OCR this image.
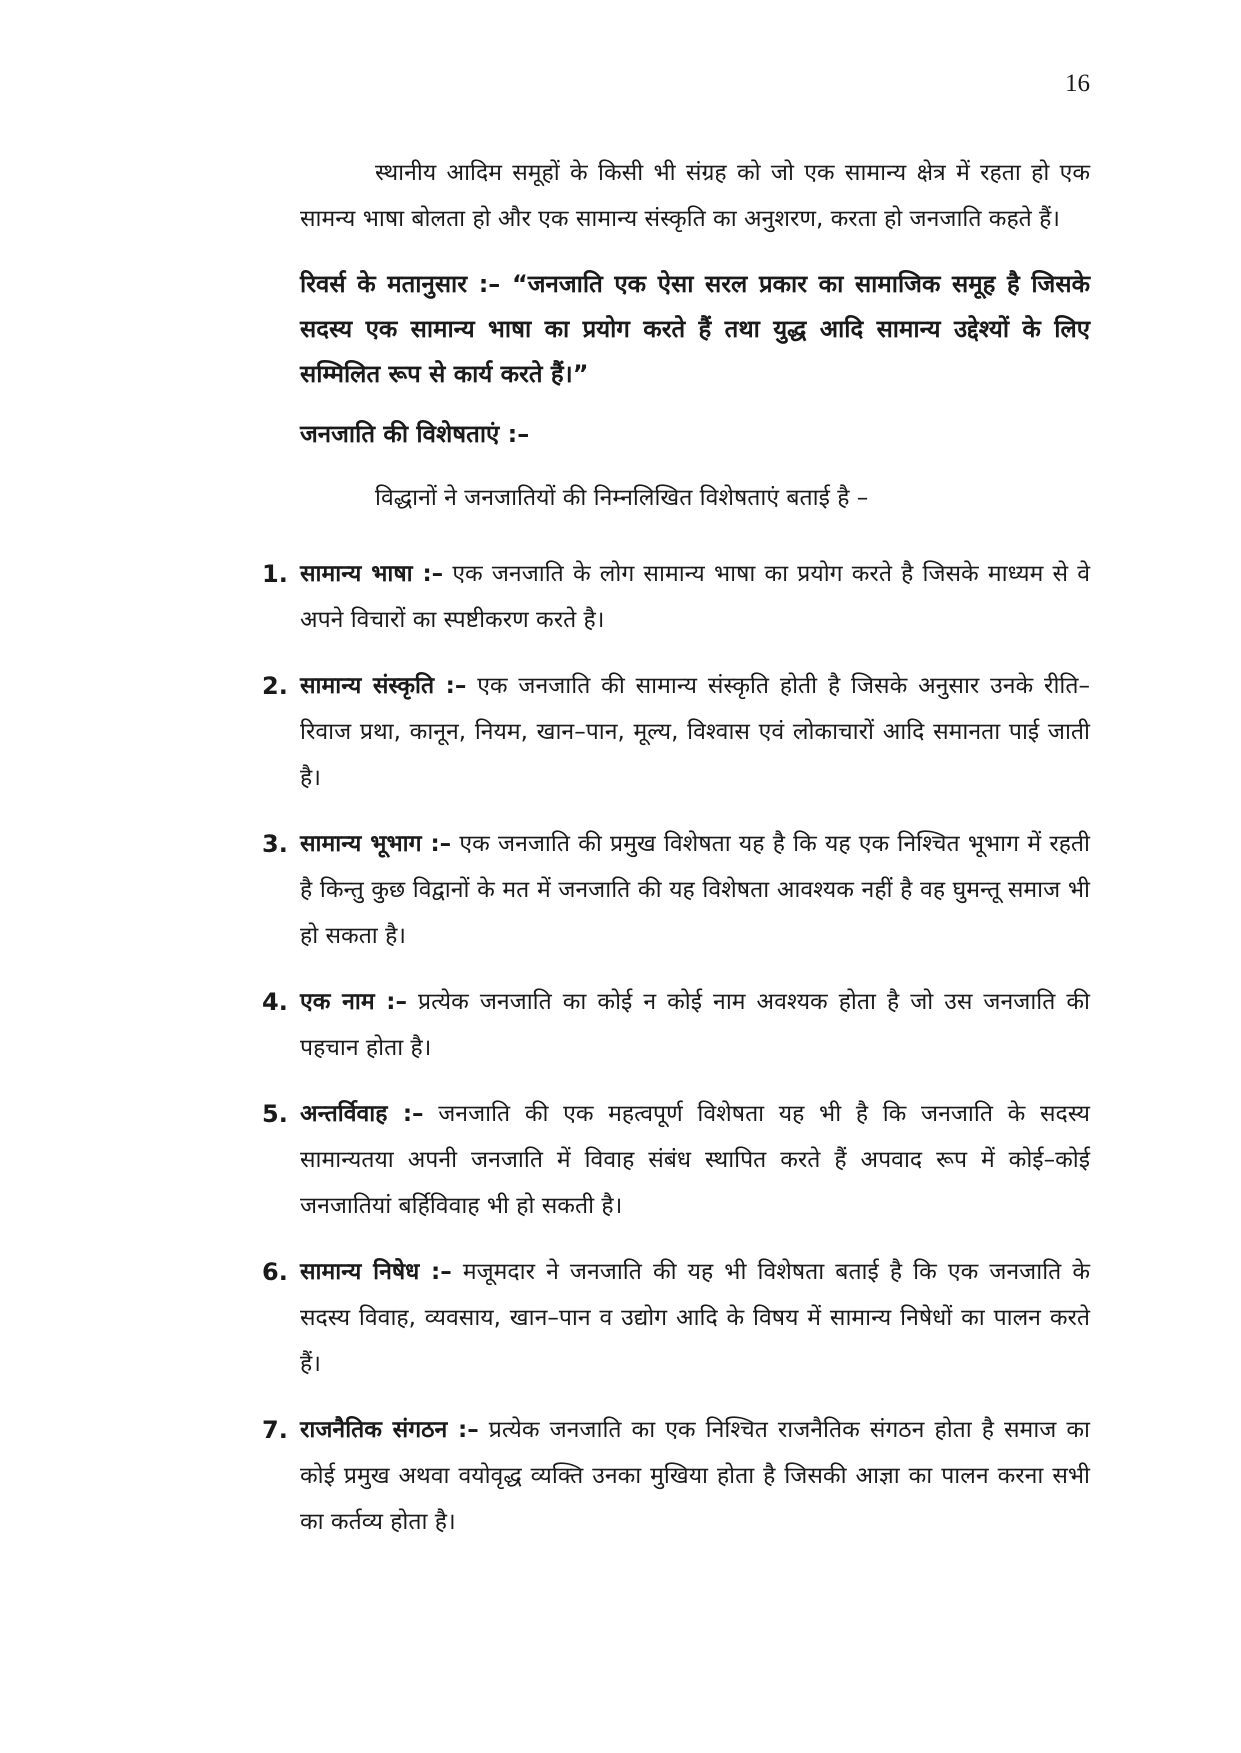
16

स्थानीय आदिम समूहों के किसी भी संग्रह को जो एक सामान्य क्षेत्र में रहता हो एक सामन्य भाषा बोलता हो और एक सामान्य संस्कृति का अनुशरण, करता हो जनजाति कहते हैं।

रिवर्स के मतानुसार :– “जनजाति एक ऐसा सरल प्रकार का सामाजिक समूह है जिसके सदस्य एक सामान्य भाषा का प्रयोग करते हैं तथा युद्ध आदि सामान्य उद्देश्यों के लिए सम्मिलित रूप से कार्य करते हैं।”

जनजाति की विशेषताएं :–

विद्धानों ने जनजातियों की निम्नलिखित विशेषताएं बताई है –

1. सामान्य भाषा :– एक जनजाति के लोग सामान्य भाषा का प्रयोग करते है जिसके माध्यम से वे अपने विचारों का स्पष्टीकरण करते है।
2. सामान्य संस्कृति :– एक जनजाति की सामान्य संस्कृति होती है जिसके अनुसार उनके रीति–रिवाज प्रथा, कानून, नियम, खान–पान, मूल्य, विश्वास एवं लोकाचारों आदि समानता पाई जाती है।
3. सामान्य भूभाग :– एक जनजाति की प्रमुख विशेषता यह है कि यह एक निश्चित भूभाग में रहती है किन्तु कुछ विद्वानों के मत में जनजाति की यह विशेषता आवश्यक नहीं है वह घुमन्तू समाज भी हो सकता है।
4. एक नाम :– प्रत्येक जनजाति का कोई न कोई नाम अवश्यक होता है जो उस जनजाति की पहचान होता है।
5. अन्तर्विवाह :– जनजाति की एक महत्वपूर्ण विशेषता यह भी है कि जनजाति के सदस्य सामान्यतया अपनी जनजाति में विवाह संबंध स्थापित करते हैं अपवाद रूप में कोई–कोई जनजातियां बर्हिविवाह भी हो सकती है।
6. सामान्य निषेध :– मजूमदार ने जनजाति की यह भी विशेषता बताई है कि एक जनजाति के सदस्य विवाह, व्यवसाय, खान–पान व उद्योग आदि के विषय में सामान्य निषेधों का पालन करते हैं।
7. राजनैतिक संगठन :– प्रत्येक जनजाति का एक निश्चित राजनैतिक संगठन होता है समाज का कोई प्रमुख अथवा वयोवृद्ध व्यक्ति उनका मुखिया होता है जिसकी आज्ञा का पालन करना सभी का कर्तव्य होता है।
